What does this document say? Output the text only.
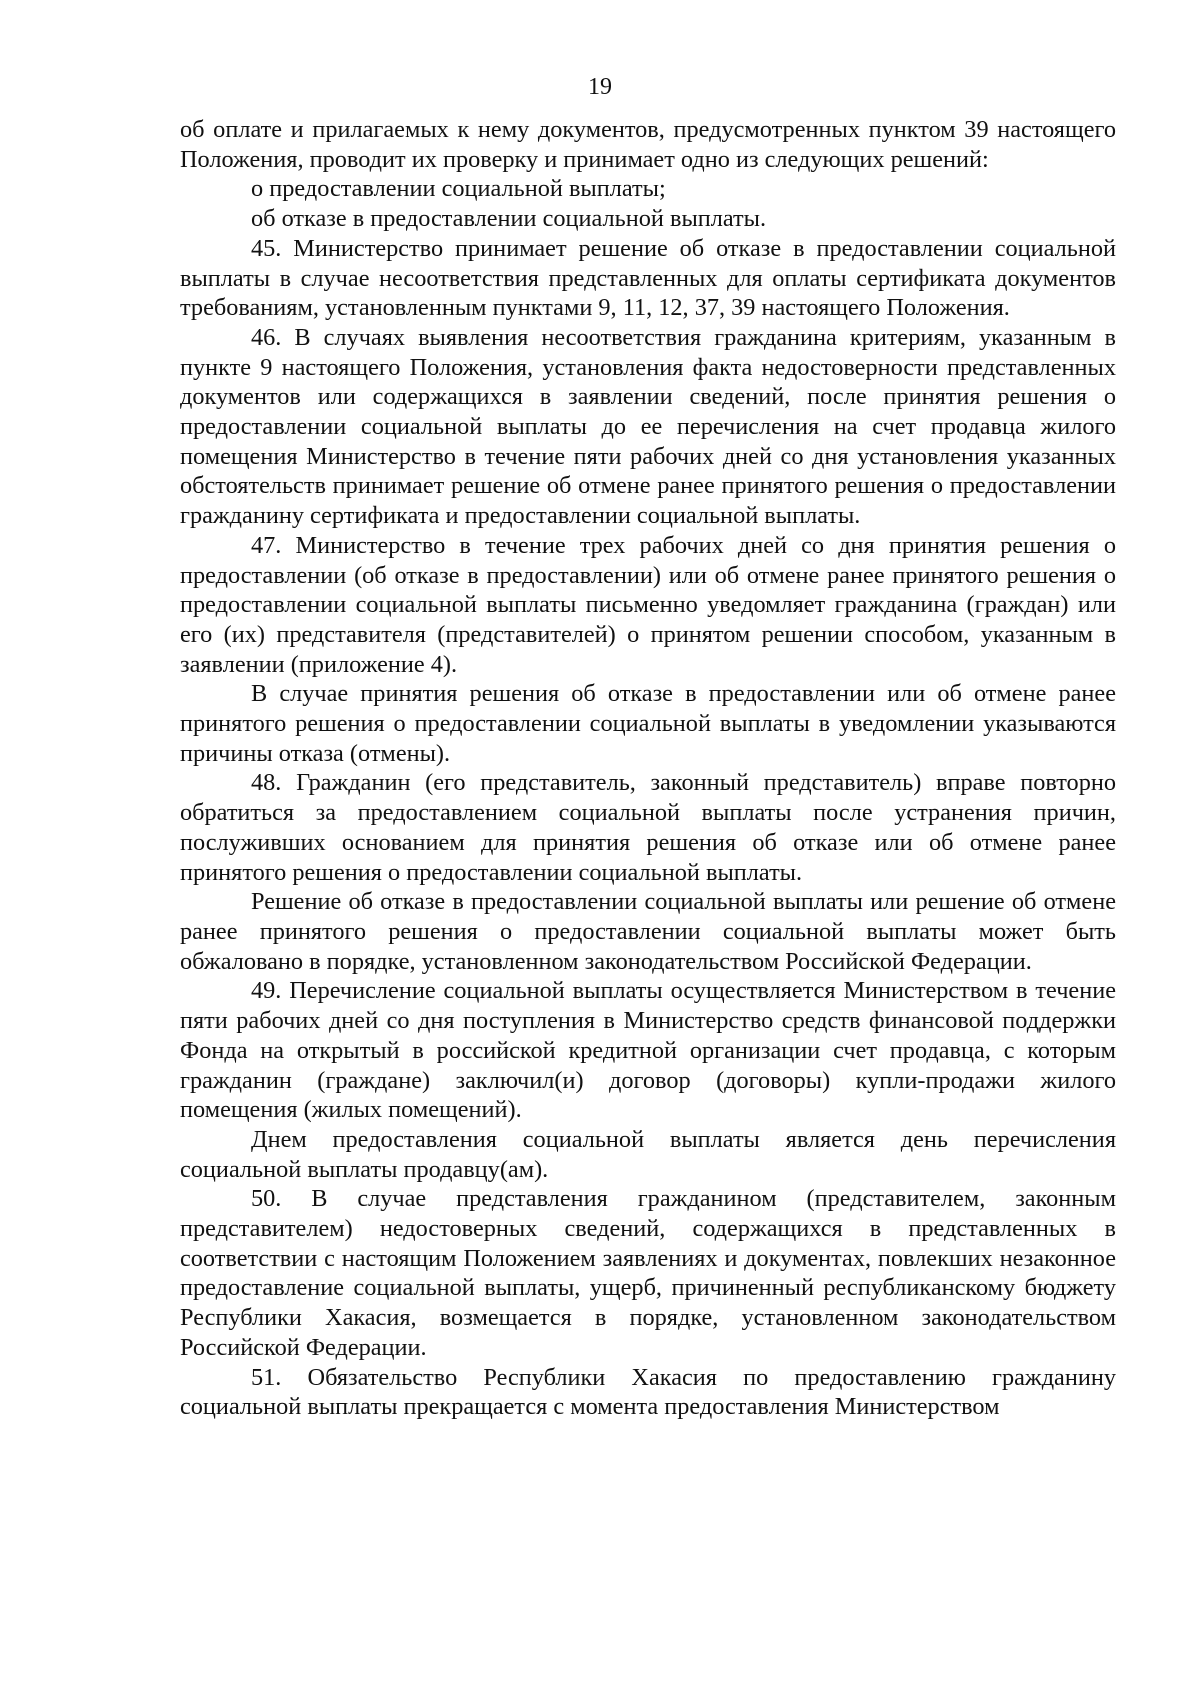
19

об оплате и прилагаемых к нему документов, предусмотренных пунктом 39 настоящего Положения, проводит их проверку и принимает одно из следующих решений:

о предоставлении социальной выплаты;

об отказе в предоставлении социальной выплаты.

45. Министерство принимает решение об отказе в предоставлении социальной выплаты в случае несоответствия представленных для оплаты сертификата документов требованиям, установленным пунктами 9, 11, 12, 37, 39 настоящего Положения.

46. В случаях выявления несоответствия гражданина критериям, указанным в пункте 9 настоящего Положения, установления факта недостоверности представленных документов или содержащихся в заявлении сведений, после принятия решения о предоставлении социальной выплаты до ее перечисления на счет продавца жилого помещения Министерство в течение пяти рабочих дней со дня установления указанных обстоятельств принимает решение об отмене ранее принятого решения о предоставлении гражданину сертификата и предоставлении социальной выплаты.

47. Министерство в течение трех рабочих дней со дня принятия решения о предоставлении (об отказе в предоставлении) или об отмене ранее принятого решения о предоставлении социальной выплаты письменно уведомляет гражданина (граждан) или его (их) представителя (представителей) о принятом решении способом, указанным в заявлении (приложение 4).

В случае принятия решения об отказе в предоставлении или об отмене ранее принятого решения о предоставлении социальной выплаты в уведомлении указываются причины отказа (отмены).

48. Гражданин (его представитель, законный представитель) вправе повторно обратиться за предоставлением социальной выплаты после устранения причин, послуживших основанием для принятия решения об отказе или об отмене ранее принятого решения о предоставлении социальной выплаты.

Решение об отказе в предоставлении социальной выплаты или решение об отмене ранее принятого решения о предоставлении социальной выплаты может быть обжаловано в порядке, установленном законодательством Российской Федерации.

49. Перечисление социальной выплаты осуществляется Министерством в течение пяти рабочих дней со дня поступления в Министерство средств финансовой поддержки Фонда на открытый в российской кредитной организации счет продавца, с которым гражданин (граждане) заключил(и) договор (договоры) купли-продажи жилого помещения (жилых помещений).

Днем предоставления социальной выплаты является день перечисления социальной выплаты продавцу(ам).

50. В случае представления гражданином (представителем, законным представителем) недостоверных сведений, содержащихся в представленных в соответствии с настоящим Положением заявлениях и документах, повлекших незаконное предоставление социальной выплаты, ущерб, причиненный республиканскому бюджету Республики Хакасия, возмещается в порядке, установленном законодательством Российской Федерации.

51. Обязательство Республики Хакасия по предоставлению гражданину социальной выплаты прекращается с момента предоставления Министерством
